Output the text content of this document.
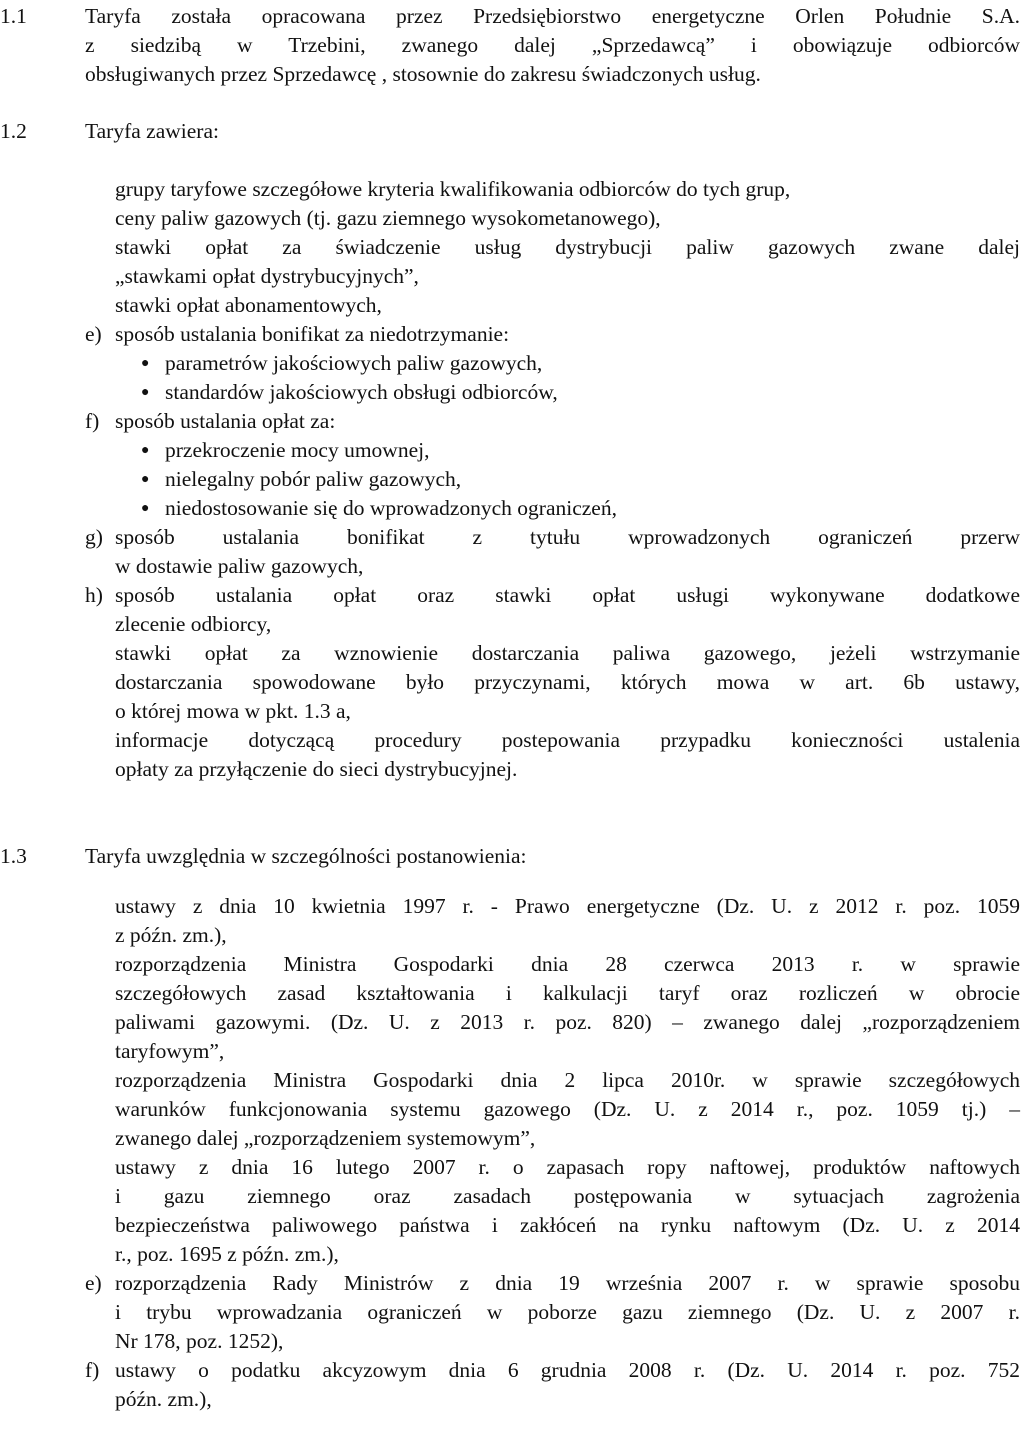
1.1	Taryfa została opracowana przez Przedsiębiorstwo energetyczne Orlen Południe S.A.
z siedzibą w Trzebini, zwanego dalej „Sprzedawcą” i obowiązuje odbiorców
obsługiwanych przez Sprzedawcę , stosownie do zakresu świadczonych usług.
1.2	Taryfa zawiera:
grupy taryfowe szczegółowe kryteria kwalifikowania odbiorców do tych grup,
ceny paliw gazowych (tj. gazu ziemnego wysokometanowego),
stawki opłat za świadczenie usług dystrybucji paliw gazowych zwane dalej
„stawkami opłat dystrybucyjnych”,
stawki opłat abonamentowych,
e) sposób ustalania bonifikat za niedotrzymanie:
● parametrów jakościowych paliw gazowych,
● standardów jakościowych obsługi odbiorców,
f) sposób ustalania opłat za:
● przekroczenie mocy umownej,
● nielegalny pobór paliw gazowych,
● niedostosowanie się do wprowadzonych ograniczeń,
g) sposób ustalania bonifikat z tytułu wprowadzonych ograniczeń przerw
w dostawie paliw gazowych,
h) sposób ustalania opłat oraz stawki opłat usługi wykonywane dodatkowe
zlecenie odbiorcy,
stawki opłat za wznowienie dostarczania paliwa gazowego, jeżeli wstrzymanie
dostarczania spowodowane było przyczynami, których mowa w art. 6b ustawy,
o której mowa w pkt. 1.3 a,
informacje dotyczącą procedury postepowania przypadku konieczności ustalenia
opłaty za przyłączenie do sieci dystrybucyjnej.
1.3	Taryfa uwzględnia w szczególności postanowienia:
ustawy z dnia 10 kwietnia 1997 r. - Prawo energetyczne (Dz. U. z 2012 r. poz. 1059
z późn. zm.),
rozporządzenia Ministra Gospodarki dnia 28 czerwca 2013 r. w sprawie
szczegółowych zasad kształtowania i kalkulacji taryf oraz rozliczeń w obrocie
paliwami gazowymi. (Dz. U. z 2013 r. poz. 820) – zwanego dalej „rozporządzeniem
taryfowym”,
rozporządzenia Ministra Gospodarki dnia 2 lipca 2010r. w sprawie szczegółowych
warunków funkcjonowania systemu gazowego (Dz. U. z 2014 r., poz. 1059 tj.) –
zwanego dalej „rozporządzeniem systemowym”,
ustawy z dnia 16 lutego 2007 r. o zapasach ropy naftowej, produktów naftowych
i gazu ziemnego oraz zasadach postępowania w sytuacjach zagrożenia
bezpieczeństwa paliwowego państwa i zakłóceń na rynku naftowym (Dz. U. z 2014
r., poz. 1695 z późn. zm.),
e) rozporządzenia Rady Ministrów z dnia 19 września 2007 r. w sprawie sposobu
i trybu wprowadzania ograniczeń w poborze gazu ziemnego (Dz. U. z 2007 r.
Nr 178, poz. 1252),
f) ustawy o podatku akcyzowym dnia 6 grudnia 2008 r. (Dz. U. 2014 r. poz. 752
późn. zm.),
